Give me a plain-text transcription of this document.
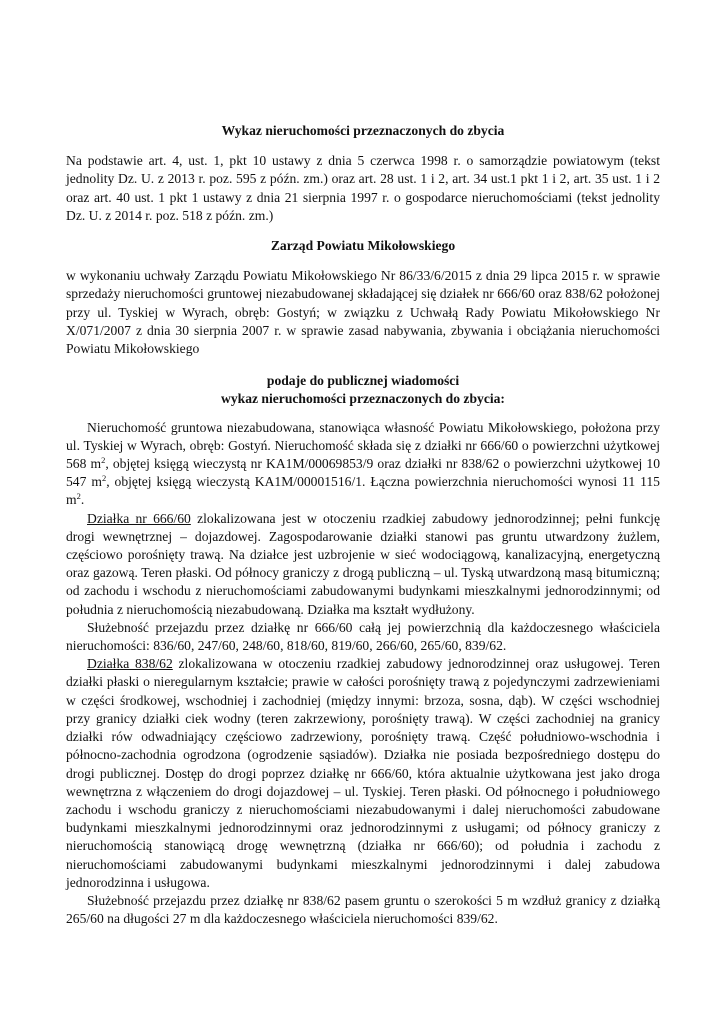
Wykaz nieruchomości przeznaczonych do zbycia

Na podstawie art. 4, ust. 1, pkt 10 ustawy z dnia 5 czerwca 1998 r. o samorządzie powiatowym (tekst jednolity Dz. U. z 2013 r. poz. 595 z późn. zm.) oraz art. 28 ust. 1 i 2, art. 34 ust.1 pkt 1 i 2, art. 35 ust. 1 i 2 oraz art. 40 ust. 1 pkt 1 ustawy z dnia 21 sierpnia 1997 r. o gospodarce nieruchomościami (tekst jednolity Dz. U. z 2014 r. poz. 518 z późn. zm.)

Zarząd Powiatu Mikołowskiego

w wykonaniu uchwały Zarządu Powiatu Mikołowskiego Nr 86/33/6/2015 z dnia 29 lipca 2015 r. w sprawie sprzedaży nieruchomości gruntowej niezabudowanej składającej się działek nr 666/60 oraz 838/62 położonej przy ul. Tyskiej w Wyrach, obręb: Gostyń; w związku z Uchwałą Rady Powiatu Mikołowskiego Nr X/071/2007 z dnia 30 sierpnia 2007 r. w sprawie zasad nabywania, zbywania i obciążania nieruchomości Powiatu Mikołowskiego

podaje do publicznej wiadomości
wykaz nieruchomości przeznaczonych do zbycia:

Nieruchomość gruntowa niezabudowana, stanowiąca własność Powiatu Mikołowskiego, położona przy ul. Tyskiej w Wyrach, obręb: Gostyń. Nieruchomość składa się z działki nr 666/60 o powierzchni użytkowej 568 $m^2$, objętej księgą wieczystą nr KA1M/00069853/9 oraz działki nr 838/62 o powierzchni użytkowej 10 547 $m^2$, objętej księgą wieczystą KA1M/00001516/1. Łączna powierzchnia nieruchomości wynosi 11 115 $m^2$.

Działka nr 666/60 zlokalizowana jest w otoczeniu rzadkiej zabudowy jednorodzinnej; pełni funkcję drogi wewnętrznej – dojazdowej. Zagospodarowanie działki stanowi pas gruntu utwardzony żużlem, częściowo porośnięty trawą. Na działce jest uzbrojenie w sieć wodociągową, kanalizacyjną, energetyczną oraz gazową. Teren płaski. Od północy graniczy z drogą publiczną – ul. Tyską utwardzoną masą bitumiczną; od zachodu i wschodu z nieruchomościami zabudowanymi budynkami mieszkalnymi jednorodzinnymi; od południa z nieruchomością niezabudowaną. Działka ma kształt wydłużony.

Służebność przejazdu przez działkę nr 666/60 całą jej powierzchnią dla każdoczesnego właściciela nieruchomości: 836/60, 247/60, 248/60, 818/60, 819/60, 266/60, 265/60, 839/62.

Działka 838/62 zlokalizowana w otoczeniu rzadkiej zabudowy jednorodzinnej oraz usługowej. Teren działki płaski o nieregularnym kształcie; prawie w całości porośnięty trawą z pojedynczymi zadrzewieniami w części środkowej, wschodniej i zachodniej (między innymi: brzoza, sosna, dąb). W części wschodniej przy granicy działki ciek wodny (teren zakrzewiony, porośnięty trawą). W części zachodniej na granicy działki rów odwadniający częściowo zadrzewiony, porośnięty trawą. Część południowo-wschodnia i północno-zachodnia ogrodzona (ogrodzenie sąsiadów). Działka nie posiada bezpośredniego dostępu do drogi publicznej. Dostęp do drogi poprzez działkę nr 666/60, która aktualnie użytkowana jest jako droga wewnętrzna z włączeniem do drogi dojazdowej – ul. Tyskiej. Teren płaski. Od północnego i południowego zachodu i wschodu graniczy z nieruchomościami niezabudowanymi i dalej nieruchomości zabudowane budynkami mieszkalnymi jednorodzinnymi oraz jednorodzinnymi z usługami; od północy graniczy z nieruchomością stanowiącą drogę wewnętrzną (działka nr 666/60); od południa i zachodu z nieruchomościami zabudowanymi budynkami mieszkalnymi jednorodzinnymi i dalej zabudowa jednorodzinna i usługowa.

Służebność przejazdu przez działkę nr 838/62 pasem gruntu o szerokości 5 m wzdłuż granicy z działką 265/60 na długości 27 m dla każdoczesnego właściciela nieruchomości 839/62.
